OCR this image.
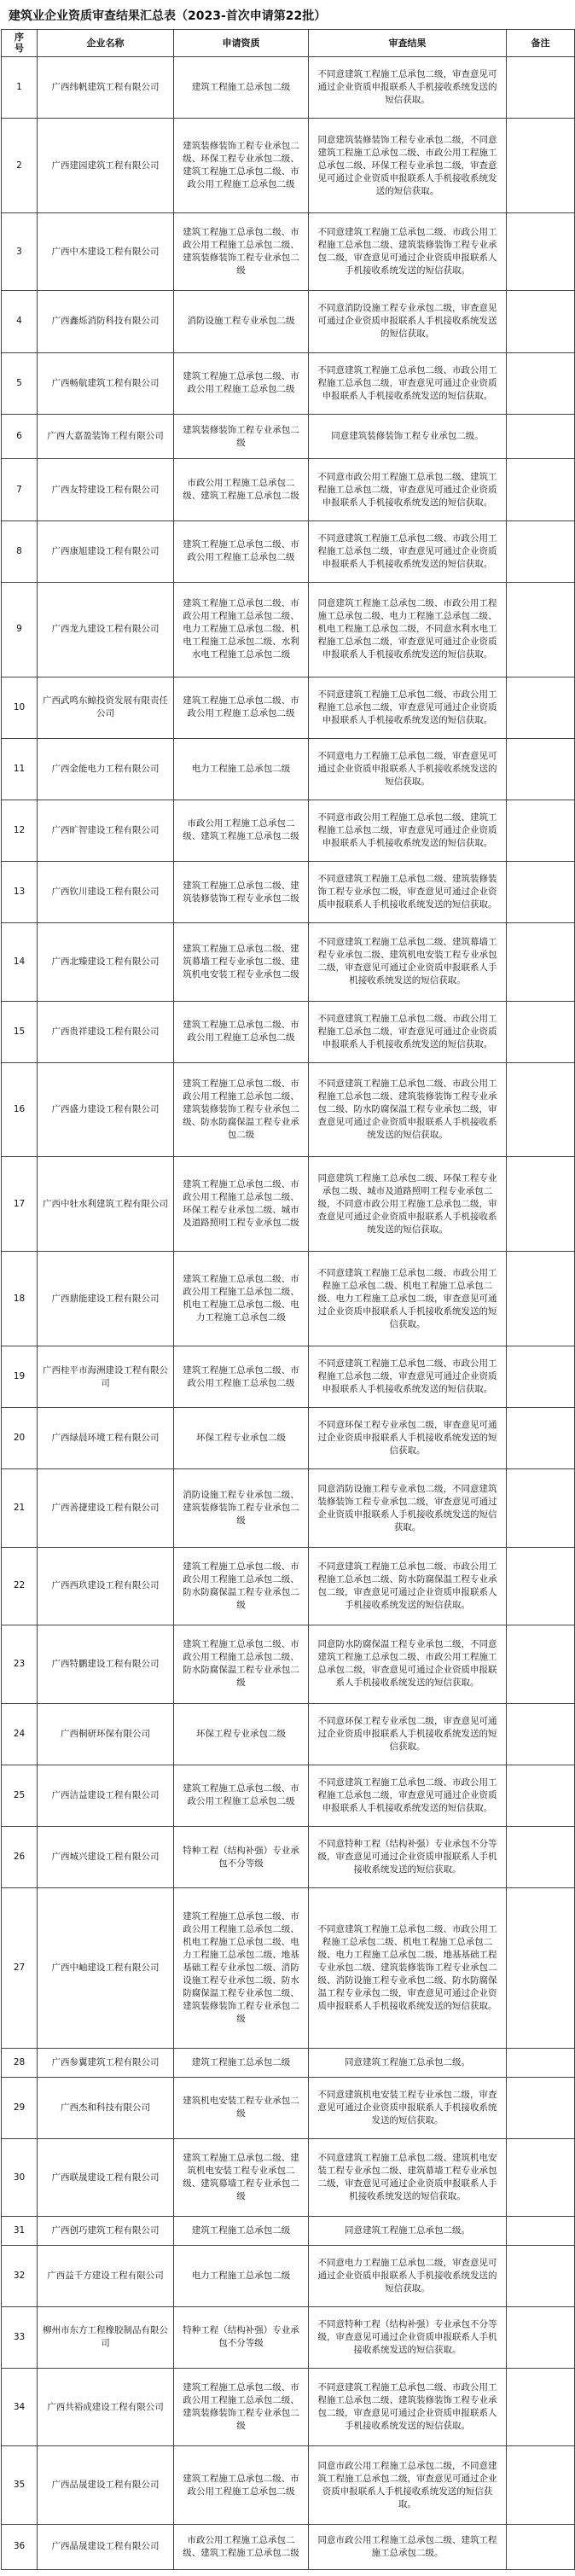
建筑业企业资质审查结果汇总表（2023-首次申请第22批）
序号	企业名称	申请资质	审查结果	备注
1	广西纬帆建筑工程有限公司	建筑工程施工总承包二级	不同意建筑工程施工总承包二级，审查意见可通过企业资质申报联系人手机接收系统发送的短信获取。	
2	广西建园建筑工程有限公司	建筑装修装饰工程专业承包二级、环保工程专业承包二级、建筑工程施工总承包二级、市政公用工程施工总承包二级	同意建筑装修装饰工程专业承包二级，不同意建筑工程施工总承包二级、市政公用工程施工总承包二级、环保工程专业承包二级，审查意见可通过企业资质申报联系人手机接收系统发送的短信获取。	
3	广西中木建设工程有限公司	建筑工程施工总承包二级、市政公用工程施工总承包二级、建筑装修装饰工程专业承包二级	不同意建筑工程施工总承包二级、市政公用工程施工总承包二级、建筑装修装饰工程专业承包二级，审查意见可通过企业资质申报联系人手机接收系统发送的短信获取。	
4	广西鑫烁消防科技有限公司	消防设施工程专业承包二级	不同意消防设施工程专业承包二级，审查意见可通过企业资质申报联系人手机接收系统发送的短信获取。	
5	广西畅航建筑工程有限公司	建筑工程施工总承包二级、市政公用工程施工总承包二级	不同意建筑工程施工总承包二级、市政公用工程施工总承包二级，审查意见可通过企业资质申报联系人手机接收系统发送的短信获取。	
6	广西大嘉盈装饰工程有限公司	建筑装修装饰工程专业承包二级	同意建筑装修装饰工程专业承包二级。	
7	广西友特建设工程有限公司	市政公用工程施工总承包二级、建筑工程施工总承包二级	不同意市政公用工程施工总承包二级、建筑工程施工总承包二级，审查意见可通过企业资质申报联系人手机接收系统发送的短信获取。	
8	广西康旭建设工程有限公司	建筑工程施工总承包二级、市政公用工程施工总承包二级	不同意建筑工程施工总承包二级、市政公用工程施工总承包二级，审查意见可通过企业资质申报联系人手机接收系统发送的短信获取。	
9	广西龙九建设工程有限公司	建筑工程施工总承包二级、市政公用工程施工总承包二级、电力工程施工总承包二级、机电工程施工总承包二级、水利水电工程施工总承包二级	同意建筑工程施工总承包二级、市政公用工程施工总承包二级、电力工程施工总承包二级、机电工程施工总承包二级，不同意水利水电工程施工总承包二级，审查意见可通过企业资质申报联系人手机接收系统发送的短信获取。	
10	广西武鸣东鲸投资发展有限责任公司	建筑工程施工总承包二级、市政公用工程施工总承包二级	不同意建筑工程施工总承包二级、市政公用工程施工总承包二级，审查意见可通过企业资质申报联系人手机接收系统发送的短信获取。	
11	广西金能电力工程有限公司	电力工程施工总承包二级	不同意电力工程施工总承包二级，审查意见可通过企业资质申报联系人手机接收系统发送的短信获取。	
12	广西旷智建设工程有限公司	市政公用工程施工总承包二级、建筑工程施工总承包二级	不同意市政公用工程施工总承包二级、建筑工程施工总承包二级，审查意见可通过企业资质申报联系人手机接收系统发送的短信获取。	
13	广西钦川建设工程有限公司	建筑工程施工总承包二级、建筑装修装饰工程专业承包二级	不同意建筑工程施工总承包二级、建筑装修装饰工程专业承包二级，审查意见可通过企业资质申报联系人手机接收系统发送的短信获取。	
14	广西北臻建设工程有限公司	建筑工程施工总承包二级、建筑幕墙工程专业承包二级、建筑机电安装工程专业承包二级	不同意建筑工程施工总承包二级、建筑幕墙工程专业承包二级、建筑机电安装工程专业承包二级，审查意见可通过企业资质申报联系人手机接收系统发送的短信获取。	
15	广西贵祥建设工程有限公司	建筑工程施工总承包二级、市政公用工程施工总承包二级	不同意建筑工程施工总承包二级、市政公用工程施工总承包二级，审查意见可通过企业资质申报联系人手机接收系统发送的短信获取。	
16	广西盛力建设工程有限公司	建筑工程施工总承包二级、市政公用工程施工总承包二级、建筑装修装饰工程专业承包二级、防水防腐保温工程专业承包二级	不同意建筑工程施工总承包二级、市政公用工程施工总承包二级、建筑装修装饰工程专业承包二级、防水防腐保温工程专业承包二级，审查意见可通过企业资质申报联系人手机接收系统发送的短信获取。	
17	广西中牡水利建筑工程有限公司	建筑工程施工总承包二级、市政公用工程施工总承包二级、环保工程专业承包二级、城市及道路照明工程专业承包二级	同意建筑工程施工总承包二级、环保工程专业承包二级、城市及道路照明工程专业承包二级，不同意市政公用工程施工总承包二级，审查意见可通过企业资质申报联系人手机接收系统发送的短信获取。	
18	广西鼎能建设工程有限公司	建筑工程施工总承包二级、市政公用工程施工总承包二级、机电工程施工总承包二级、电力工程施工总承包二级	不同意建筑工程施工总承包二级、市政公用工程施工总承包二级、机电工程施工总承包二级、电力工程施工总承包二级，审查意见可通过企业资质申报联系人手机接收系统发送的短信获取。	
19	广西桂平市海洲建设工程有限公司	建筑工程施工总承包二级、市政公用工程施工总承包二级	不同意建筑工程施工总承包二级、市政公用工程施工总承包二级，审查意见可通过企业资质申报联系人手机接收系统发送的短信获取。	
20	广西绿晨环境工程有限公司	环保工程专业承包二级	不同意环保工程专业承包二级，审查意见可通过企业资质申报联系人手机接收系统发送的短信获取。	
21	广西善捷建设工程有限公司	消防设施工程专业承包二级、建筑装修装饰工程专业承包二级	同意消防设施工程专业承包二级，不同意建筑装修装饰工程专业承包二级，审查意见可通过企业资质申报联系人手机接收系统发送的短信获取。	
22	广西西玖建设工程有限公司	建筑工程施工总承包二级、市政公用工程施工总承包二级、防水防腐保温工程专业承包二级	不同意建筑工程施工总承包二级、市政公用工程施工总承包二级、防水防腐保温工程专业承包二级，审查意见可通过企业资质申报联系人手机接收系统发送的短信获取。	
23	广西特鹏建设工程有限公司	建筑工程施工总承包二级、市政公用工程施工总承包二级、防水防腐保温工程专业承包二级	同意防水防腐保温工程专业承包二级，不同意建筑工程施工总承包二级、市政公用工程施工总承包二级，审查意见可通过企业资质申报联系人手机接收系统发送的短信获取。	
24	广西桐研环保有限公司	环保工程专业承包二级	不同意环保工程专业承包二级，审查意见可通过企业资质申报联系人手机接收系统发送的短信获取。	
25	广西洁益建设工程有限公司	建筑工程施工总承包二级、市政公用工程施工总承包二级	不同意建筑工程施工总承包二级、市政公用工程施工总承包二级，审查意见可通过企业资质申报联系人手机接收系统发送的短信获取。	
26	广西城兴建设工程有限公司	特种工程（结构补强）专业承包不分等级	不同意特种工程（结构补强）专业承包不分等级，审查意见可通过企业资质申报联系人手机接收系统发送的短信获取。	
27	广西中岫建设工程有限公司	建筑工程施工总承包二级、市政公用工程施工总承包二级、机电工程施工总承包二级、电力工程施工总承包二级、地基基础工程专业承包二级、消防设施工程专业承包二级、防水防腐保温工程专业承包二级、建筑装修装饰工程专业承包二级	不同意建筑工程施工总承包二级、市政公用工程施工总承包二级、机电工程施工总承包二级、电力工程施工总承包二级、地基基础工程专业承包二级、建筑装修装饰工程专业承包二级、消防设施工程专业承包二级、防水防腐保温工程专业承包二级，审查意见可通过企业资质申报联系人手机接收系统发送的短信获取。	
28	广西参翼建筑工程有限公司	建筑工程施工总承包二级	同意建筑工程施工总承包二级。	
29	广西杰和科技有限公司	建筑机电安装工程专业承包二级	不同意建筑机电安装工程专业承包二级，审查意见可通过企业资质申报联系人手机接收系统发送的短信获取。	
30	广西联晟建设工程有限公司	建筑工程施工总承包二级、建筑机电安装工程专业承包二级、建筑幕墙工程专业承包二级	不同意建筑工程施工总承包二级、建筑机电安装工程专业承包二级、建筑幕墙工程专业承包二级，审查意见可通过企业资质申报联系人手机接收系统发送的短信获取。	
31	广西创巧建筑工程有限公司	建筑工程施工总承包二级	同意建筑工程施工总承包二级。	
32	广西益千方建设工程有限公司	电力工程施工总承包二级	不同意电力工程施工总承包二级，审查意见可通过企业资质申报联系人手机接收系统发送的短信获取。	
33	柳州市东方工程橡胶制品有限公司	特种工程（结构补强）专业承包不分等级	不同意特种工程（结构补强）专业承包不分等级，审查意见可通过企业资质申报联系人手机接收系统发送的短信获取。	
34	广西共裕成建设工程有限公司	建筑工程施工总承包二级、市政公用工程施工总承包二级、建筑装修装饰工程专业承包二级	不同意建筑工程施工总承包二级、市政公用工程施工总承包二级、建筑装修装饰工程专业承包二级，审查意见可通过企业资质申报联系人手机接收系统发送的短信获取。	
35	广西品晟建设工程有限公司	建筑工程施工总承包二级、市政公用工程施工总承包二级	同意市政公用工程施工总承包二级，不同意建筑工程施工总承包二级，审查意见可通过企业资质申报联系人手机接收系统发送的短信获取。	
36	广西晶晟建设工程有限公司	市政公用工程施工总承包二级、建筑工程施工总承包二级	同意市政公用工程施工总承包二级、建筑工程施工总承包二级。	
